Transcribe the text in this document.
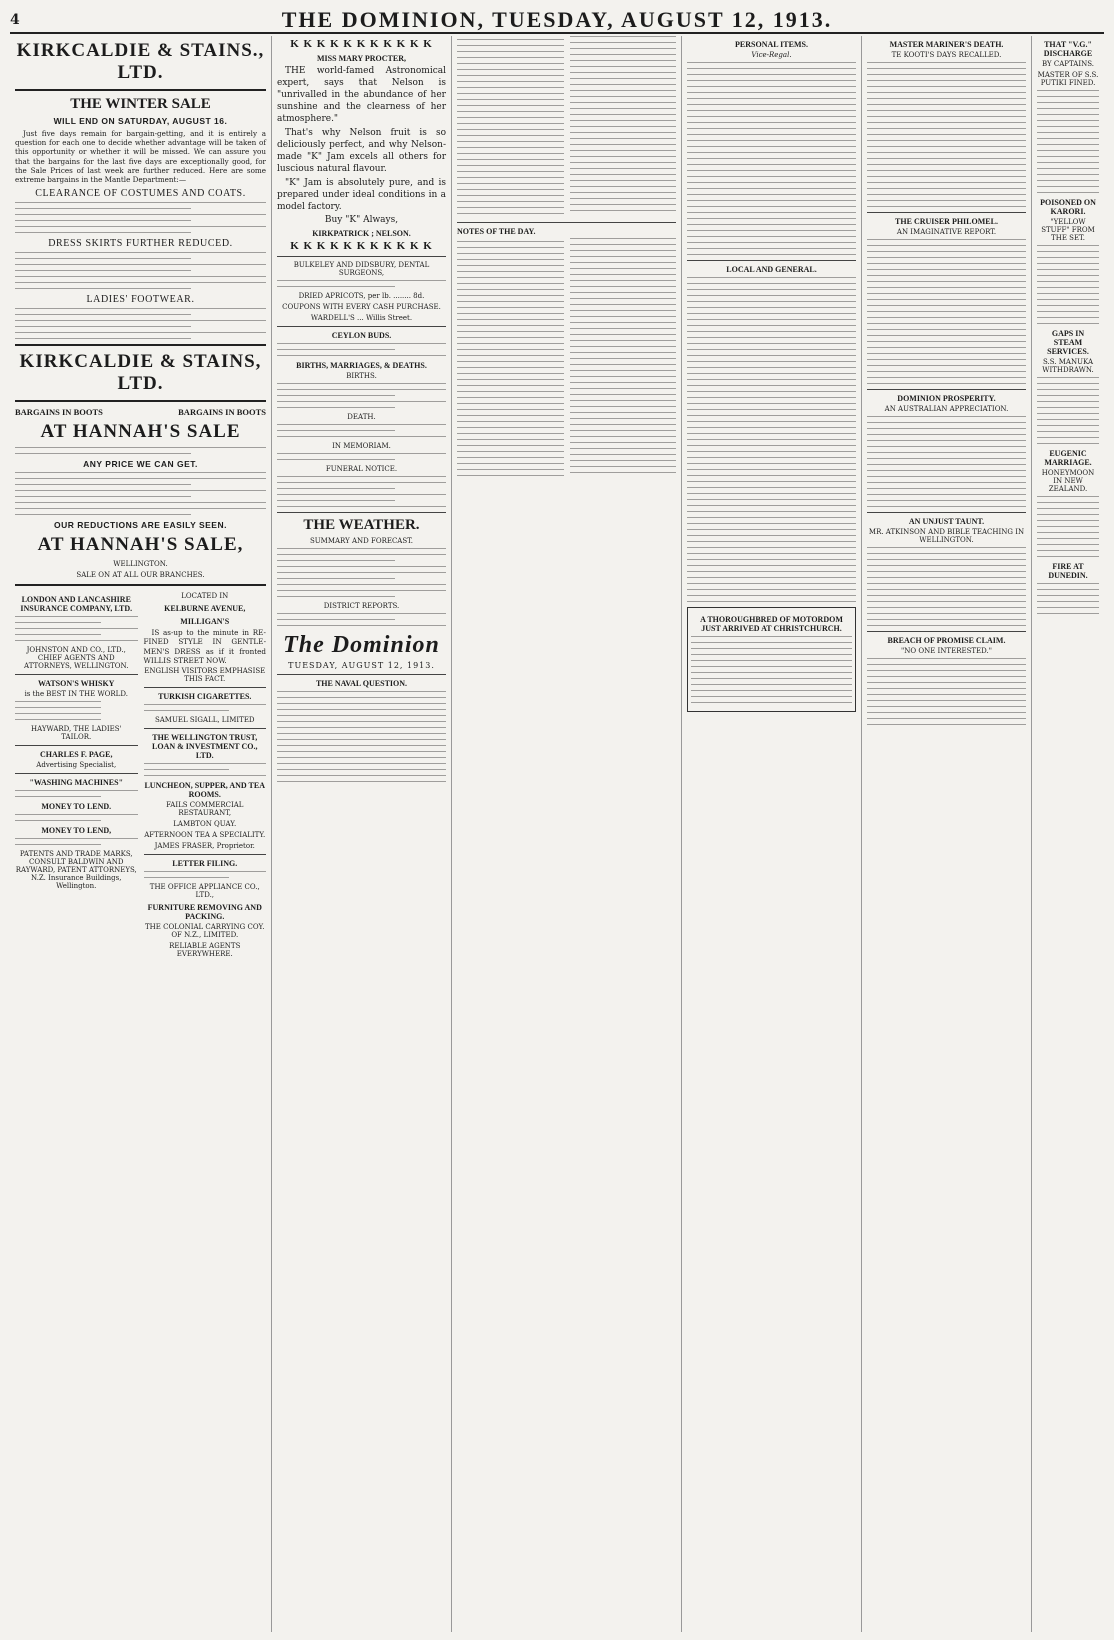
4	THE DOMINION, TUESDAY, AUGUST 12, 1913.
KIRKCALDIE & STAINS., LTD.
THE WINTER SALE
WILL END ON SATURDAY, AUGUST 16.

Just five days remain for bargain-getting, and it is entirely a question for each one to decide whether advantage will be taken of this opportunity or whether it will be missed. We can assure you that the bargains for the last five days are exceptionally good, for the Sale Prices of last week are further reduced. Here are some extreme bargains in the Mantle Department:—

CLEARANCE OF COSTUMES AND COATS.
DRESS SKIRTS FURTHER REDUCED.
LADIES' FOOTWEAR.
KIRKCALDIE & STAINS, LTD.
BARGAINS IN BOOTS	BARGAINS IN BOOTS
AT HANNAH'S SALE
ANY PRICE WE CAN GET.
OUR REDUCTIONS ARE EASILY SEEN.
AT HANNAH'S SALE,
WELLINGTON.
SALE ON AT ALL OUR BRANCHES.
LONDON AND LANCASHIRE INSURANCE COMPANY, LTD.
JOHNSTON AND CO., LTD., CHIEF AGENTS AND ATTORNEYS, WELLINGTON.
WATSON'S WHISKY
is the BEST IN THE WORLD.
HAYWARD, THE LADIES' TAILOR.
CHARLES F. PAGE,
Advertising Specialist,
"WASHING MACHINES"
MONEY TO LEND.
MONEY TO LEND,
PATENTS AND TRADE MARKS, CONSULT BALDWIN AND RAYWARD, PATENT ATTORNEYS, N.Z. Insurance Buildings, Wellington.
LOCATED IN
KELBURNE AVENUE,
MILLIGAN'S

IS as-up to the minute in RE-FINED STYLE IN GENTLE-MEN'S DRESS as if it fronted WILLIS STREET NOW.

ENGLISH VISITORS EMPHASISE THIS FACT.
TURKISH CIGARETTES.
SAMUEL SIGALL, LIMITED
THE WELLINGTON TRUST, LOAN & INVESTMENT CO., LTD.
LUNCHEON, SUPPER, AND TEA ROOMS.
FAILS COMMERCIAL RESTAURANT,
LAMBTON QUAY.
AFTERNOON TEA A SPECIALITY.
JAMES FRASER, Proprietor.
LETTER FILING.
THE OFFICE APPLIANCE CO., LTD.,
FURNITURE REMOVING AND PACKING.
THE COLONIAL CARRYING COY. OF N.Z., LIMITED.
RELIABLE AGENTS EVERYWHERE.
K K K K K K K K K K K
MISS MARY PROCTER,

THE world-famed Astronomical expert, says that Nelson is "unrivalled in the abundance of her sunshine and the clearness of her atmosphere."

That's why Nelson fruit is so deliciously perfect, and why Nelson-made "K" Jam excels all others for luscious natural flavour.

"K" Jam is absolutely pure, and is prepared under ideal conditions in a model factory.

Buy "K" Always,
KIRKPATRICK ; NELSON.
K K K K K K K K K K K
BULKELEY AND DIDSBURY, DENTAL SURGEONS,
DRIED APRICOTS, per lb. ........ 8d.
COUPONS WITH EVERY CASH PURCHASE.
WARDELL'S ... Willis Street.
CEYLON BUDS.
BIRTHS, MARRIAGES, & DEATHS.
BIRTHS.
DEATH.
IN MEMORIAM.
FUNERAL NOTICE.
THE WEATHER.
SUMMARY AND FORECAST.
DISTRICT REPORTS.
The Dominion
TUESDAY, AUGUST 12, 1913.
THE NAVAL QUESTION.
NOTES OF THE DAY.
PERSONAL ITEMS.
Vice-Regal.
LOCAL AND GENERAL.
A THOROUGHBRED OF MOTORDOM JUST ARRIVED AT CHRISTCHURCH.
MASTER MARINER'S DEATH.
TE KOOTI'S DAYS RECALLED.
THE CRUISER PHILOMEL.
AN IMAGINATIVE REPORT.
DOMINION PROSPERITY.
AN AUSTRALIAN APPRECIATION.
AN UNJUST TAUNT.
MR. ATKINSON AND BIBLE TEACHING IN WELLINGTON.
BREACH OF PROMISE CLAIM.
"NO ONE INTERESTED."
THAT "V.G." DISCHARGE
BY CAPTAINS.
MASTER OF S.S. PUTIKI FINED.
POISONED ON KARORI.
"YELLOW STUFF" FROM THE SET.
GAPS IN STEAM SERVICES.
S.S. MANUKA WITHDRAWN.
EUGENIC MARRIAGE.
HONEYMOON IN NEW ZEALAND.
FIRE AT DUNEDIN.
